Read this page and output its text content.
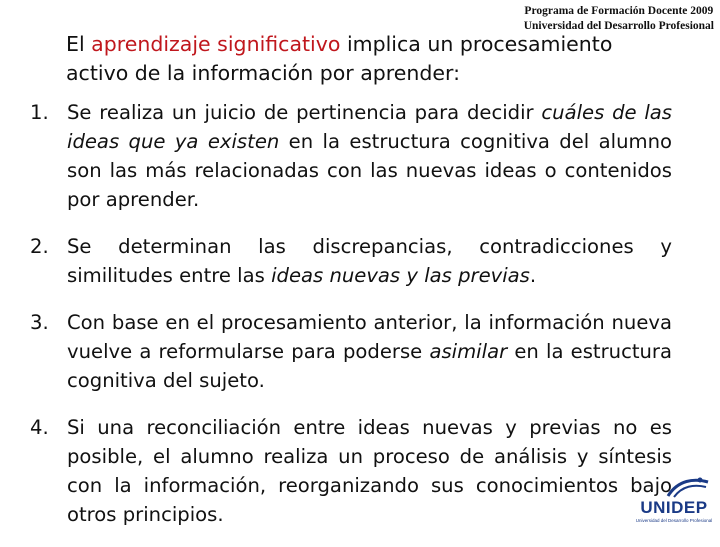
Programa de Formación Docente 2009
Universidad del Desarrollo Profesional

El aprendizaje significativo implica un procesamiento activo de la información por aprender:

1. Se realiza un juicio de pertinencia para decidir cuáles de las ideas que ya existen en la estructura cognitiva del alumno son las más relacionadas con las nuevas ideas o contenidos por aprender.
2. Se determinan las discrepancias, contradicciones y similitudes entre las ideas nuevas y las previas.
3. Con base en el procesamiento anterior, la información nueva vuelve a reformularse para poderse asimilar en la estructura cognitiva del sujeto.
4. Si una reconciliación entre ideas nuevas y previas no es posible, el alumno realiza un proceso de análisis y síntesis con la información, reorganizando sus conocimientos bajo otros principios.	UNIDEP
Universidad del Desarrollo Profesional
